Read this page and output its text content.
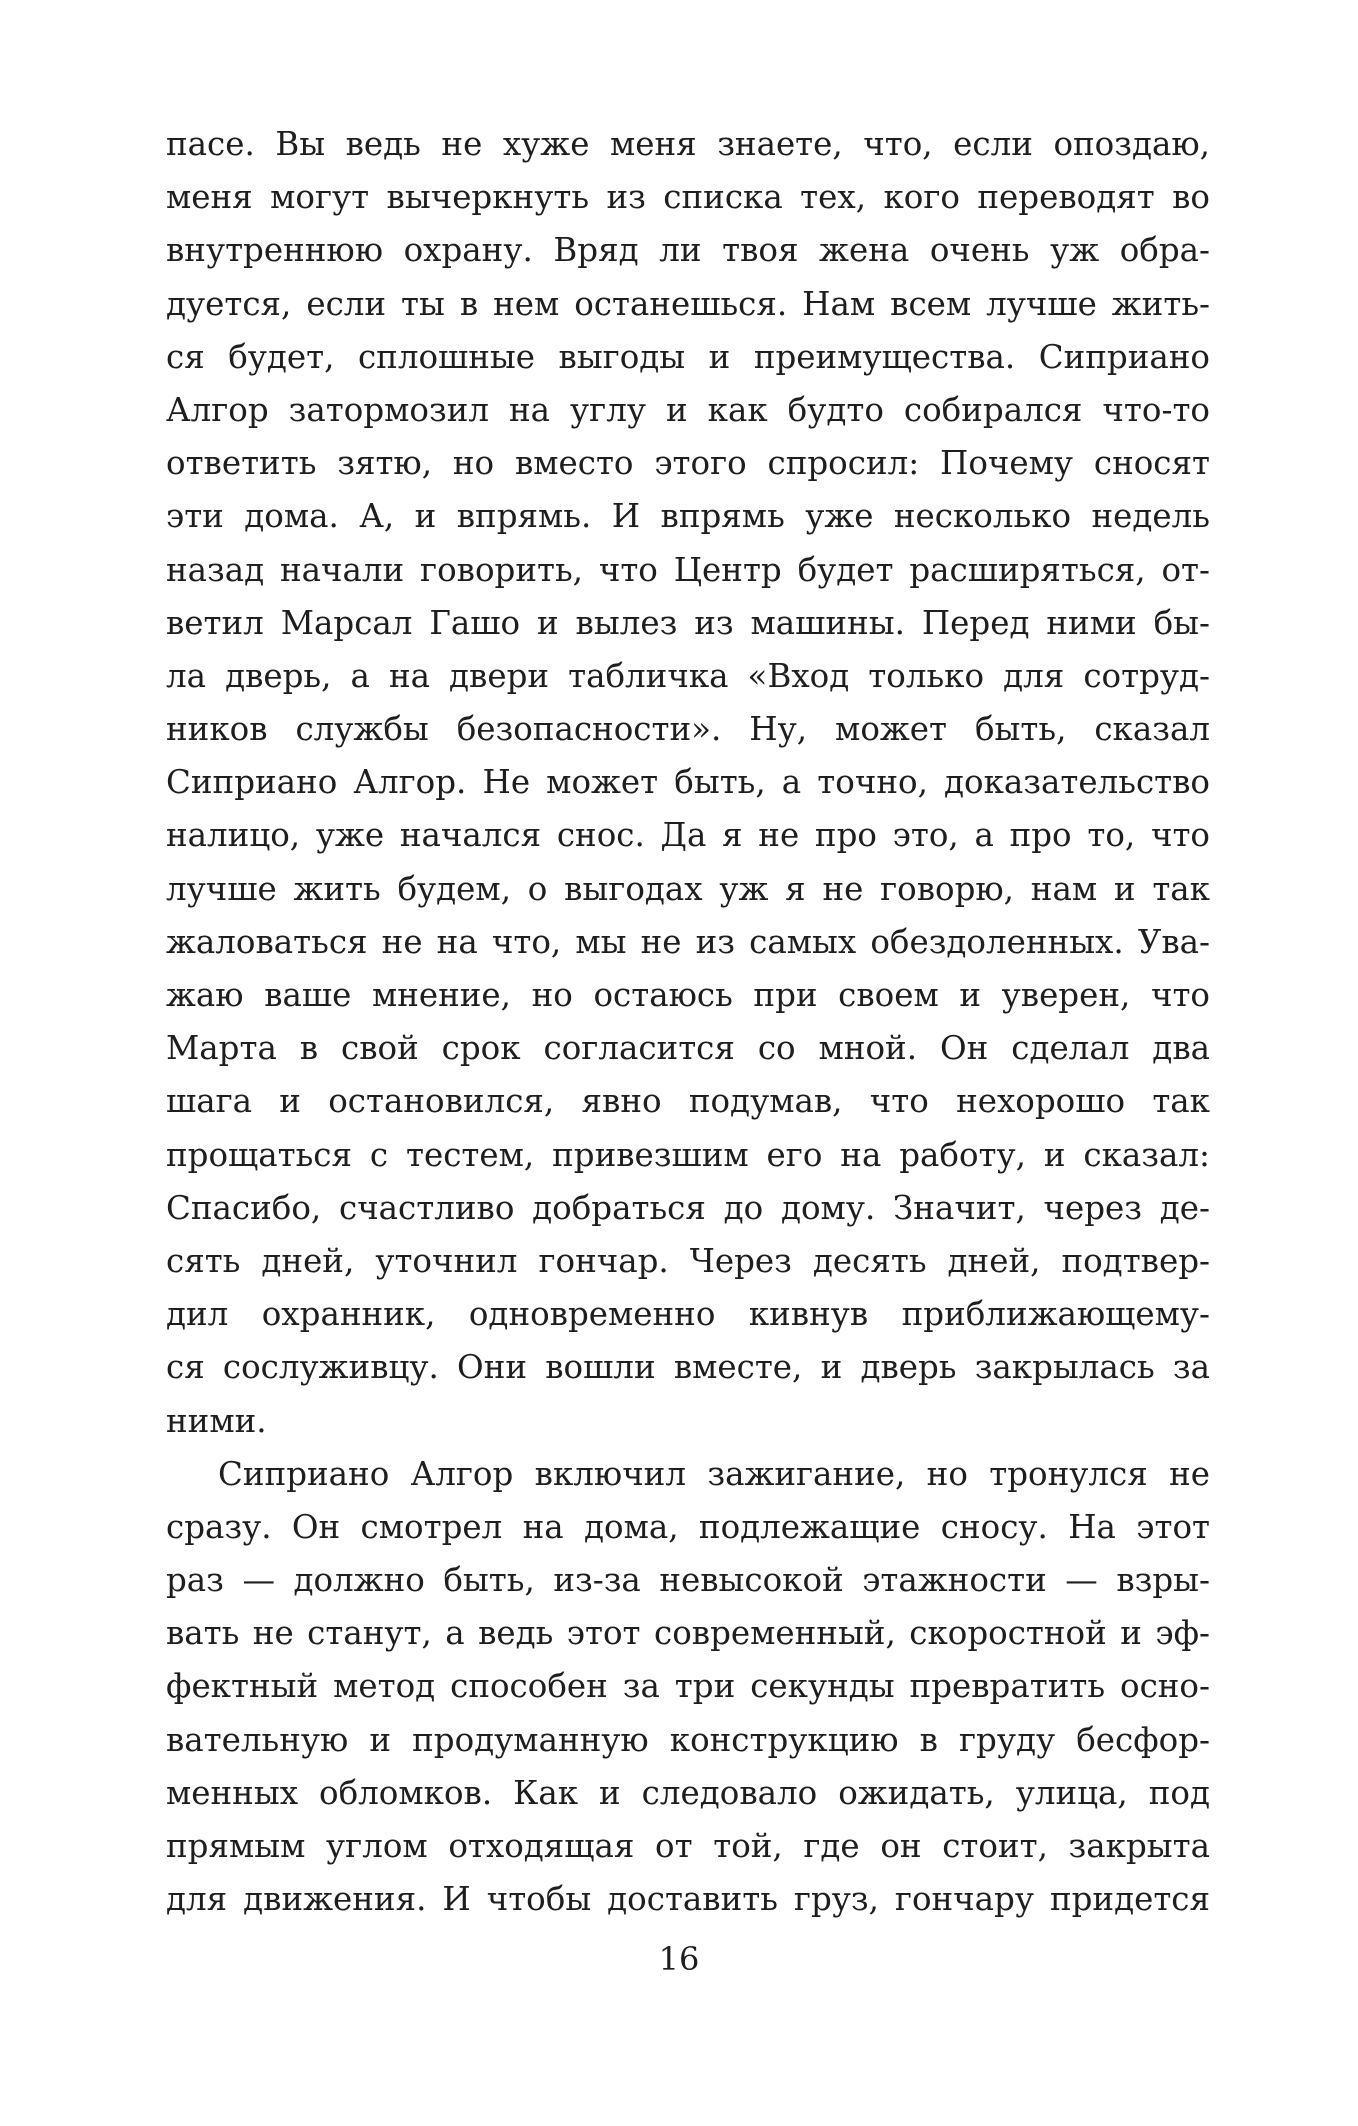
пасе. Вы ведь не хуже меня знаете, что, если опоздаю,
меня могут вычеркнуть из списка тех, кого переводят во
внутреннюю охрану. Вряд ли твоя жена очень уж обра-
дуется, если ты в нем останешься. Нам всем лучше жить-
ся будет, сплошные выгоды и преимущества. Сиприано
Алгор затормозил на углу и как будто собирался что-то
ответить зятю, но вместо этого спросил: Почему сносят
эти дома. А, и впрямь. И впрямь уже несколько недель
назад начали говорить, что Центр будет расширяться, от-
ветил Марсал Гашо и вылез из машины. Перед ними бы-
ла дверь, а на двери табличка «Вход только для сотруд-
ников службы безопасности». Ну, может быть, сказал
Сиприано Алгор. Не может быть, а точно, доказательство
налицо, уже начался снос. Да я не про это, а про то, что
лучше жить будем, о выгодах уж я не говорю, нам и так
жаловаться не на что, мы не из самых обездоленных. Ува-
жаю ваше мнение, но остаюсь при своем и уверен, что
Марта в свой срок согласится со мной. Он сделал два
шага и остановился, явно подумав, что нехорошо так
прощаться с тестем, привезшим его на работу, и сказал:
Спасибо, счастливо добраться до дому. Значит, через де-
сять дней, уточнил гончар. Через десять дней, подтвер-
дил охранник, одновременно кивнув приближающему-
ся сослуживцу. Они вошли вместе, и дверь закрылась за
ними.
Сиприано Алгор включил зажигание, но тронулся не
сразу. Он смотрел на дома, подлежащие сносу. На этот
раз — должно быть, из-за невысокой этажности — взры-
вать не станут, а ведь этот современный, скоростной и эф-
фектный метод способен за три секунды превратить осно-
вательную и продуманную конструкцию в груду бесфор-
менных обломков. Как и следовало ожидать, улица, под
прямым углом отходящая от той, где он стоит, закрыта
для движения. И чтобы доставить груз, гончару придется
16
